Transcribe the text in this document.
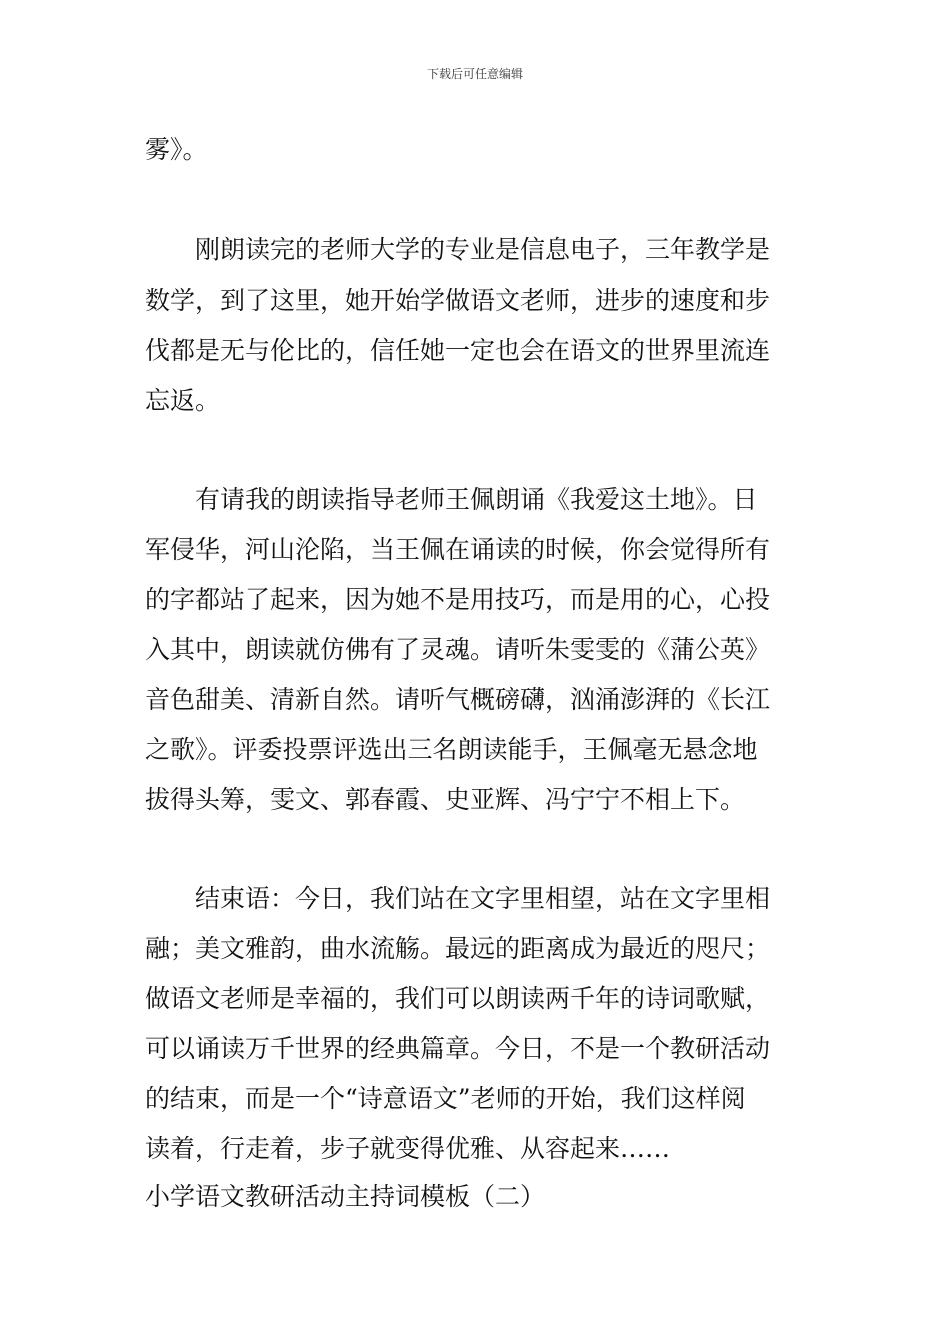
下载后可任意编辑
雾》。
刚朗读完的老师大学的专业是信息电子，三年教学是
数学，到了这里，她开始学做语文老师，进步的速度和步
伐都是无与伦比的，信任她一定也会在语文的世界里流连
忘返。
有请我的朗读指导老师王佩朗诵《我爱这土地》。日
军侵华，河山沦陷，当王佩在诵读的时候，你会觉得所有
的字都站了起来，因为她不是用技巧，而是用的心，心投
入其中，朗读就仿佛有了灵魂。请听朱雯雯的《蒲公英》
音色甜美、清新自然。请听气概磅礴，汹涌澎湃的《长江
之歌》。评委投票评选出三名朗读能手，王佩毫无悬念地
拔得头筹，雯文、郭春霞、史亚辉、冯宁宁不相上下。
结束语：今日，我们站在文字里相望，站在文字里相
融；美文雅韵，曲水流觞。最远的距离成为最近的咫尺；
做语文老师是幸福的，我们可以朗读两千年的诗词歌赋，
可以诵读万千世界的经典篇章。今日，不是一个教研活动
的结束，而是一个“诗意语文”老师的开始，我们这样阅
读着，行走着，步子就变得优雅、从容起来……
小学语文教研活动主持词模板（二）
